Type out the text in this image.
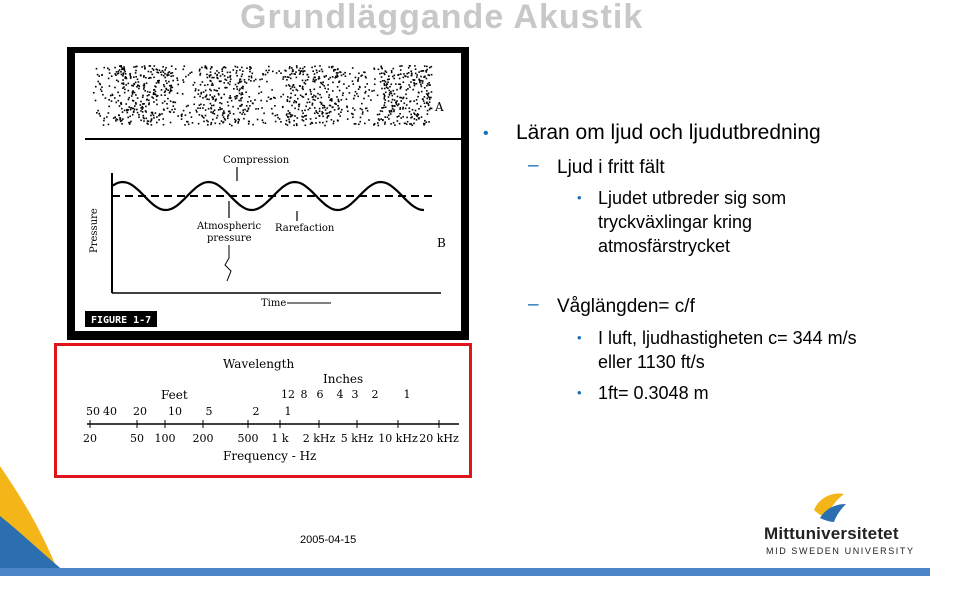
Grundläggande Akustik
A
Compression
Atmospheric
pressure
Rarefaction
Pressure	B
Time
FIGURE 1-7
Wavelength
Inches
Feet	12 8 6 4 3 2 1
50 40 20 10 5	2 1
20	50 100 200 500 1 k 2 kHz 5 kHz 10 kHz 20 kHz
Frequency - Hz
• Läran om ljud och ljudutbredning
– Ljud i fritt fält
• Ljudet utbreder sig som
tryckväxlingar kring
atmosfärstrycket
– Våglängden= c/f
• I luft, ljudhastigheten c= 344 m/s
eller 1130 ft/s
• 1ft= 0.3048 m
2005-04-15	Mittuniversitetet
MID SWEDEN UNIVERSITY
